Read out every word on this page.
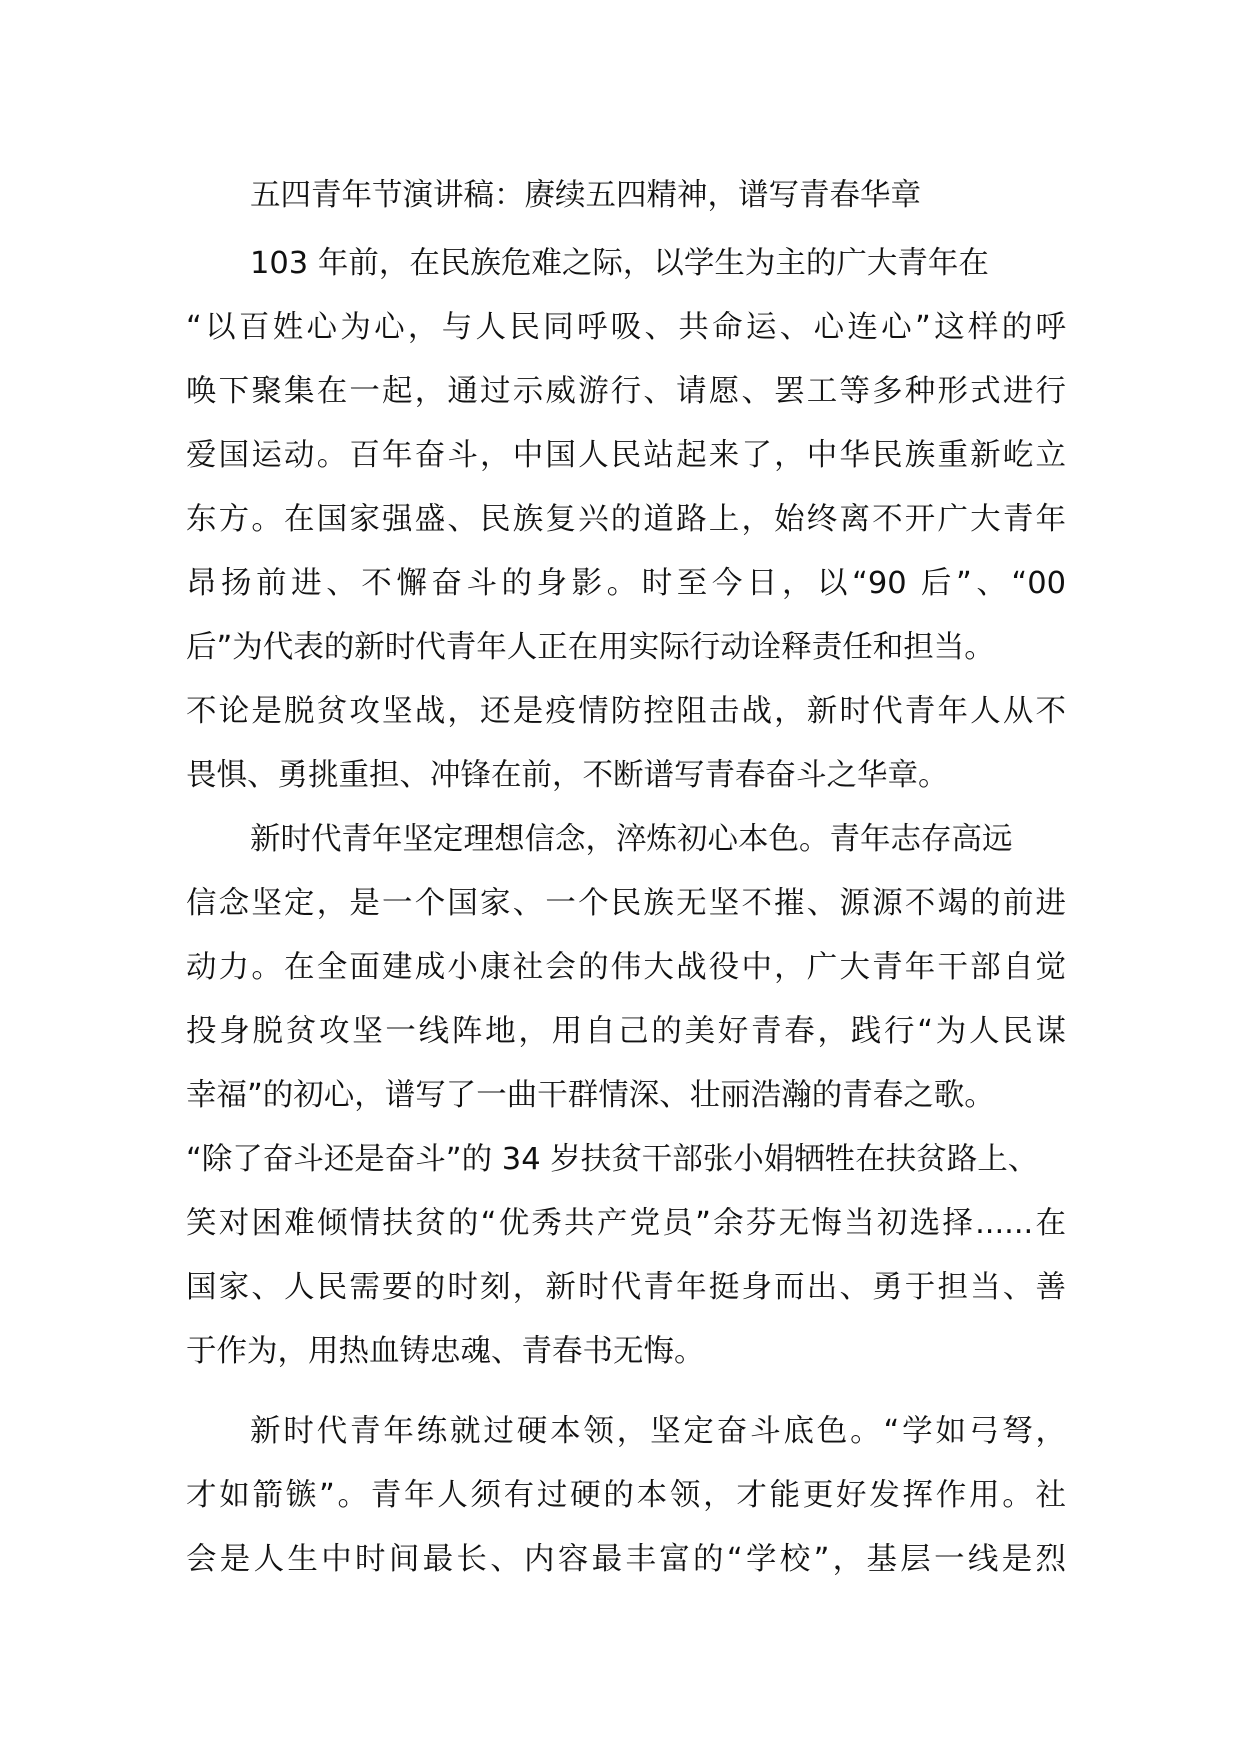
五四青年节演讲稿：赓续五四精神，谱写青春华章
103 年前，在民族危难之际，以学生为主的广大青年在
“以百姓心为心，与人民同呼吸、共命运、心连心”这样的呼
唤下聚集在一起，通过示威游行、请愿、罢工等多种形式进行
爱国运动。百年奋斗，中国人民站起来了，中华民族重新屹立
东方。在国家强盛、民族复兴的道路上，始终离不开广大青年
昂扬前进、不懈奋斗的身影。时至今日，以“90 后”、“00
后”为代表的新时代青年人正在用实际行动诠释责任和担当。
不论是脱贫攻坚战，还是疫情防控阻击战，新时代青年人从不
畏惧、勇挑重担、冲锋在前，不断谱写青春奋斗之华章。
新时代青年坚定理想信念，淬炼初心本色。青年志存高远
信念坚定，是一个国家、一个民族无坚不摧、源源不竭的前进
动力。在全面建成小康社会的伟大战役中，广大青年干部自觉
投身脱贫攻坚一线阵地，用自己的美好青春，践行“为人民谋
幸福”的初心，谱写了一曲干群情深、壮丽浩瀚的青春之歌。
“除了奋斗还是奋斗”的 34 岁扶贫干部张小娟牺牲在扶贫路上、
笑对困难倾情扶贫的“优秀共产党员”余芬无悔当初选择......在
国家、人民需要的时刻，新时代青年挺身而出、勇于担当、善
于作为，用热血铸忠魂、青春书无悔。
新时代青年练就过硬本领，坚定奋斗底色。“学如弓弩，
才如箭镞”。青年人须有过硬的本领，才能更好发挥作用。社
会是人生中时间最长、内容最丰富的“学校”，基层一线是烈
